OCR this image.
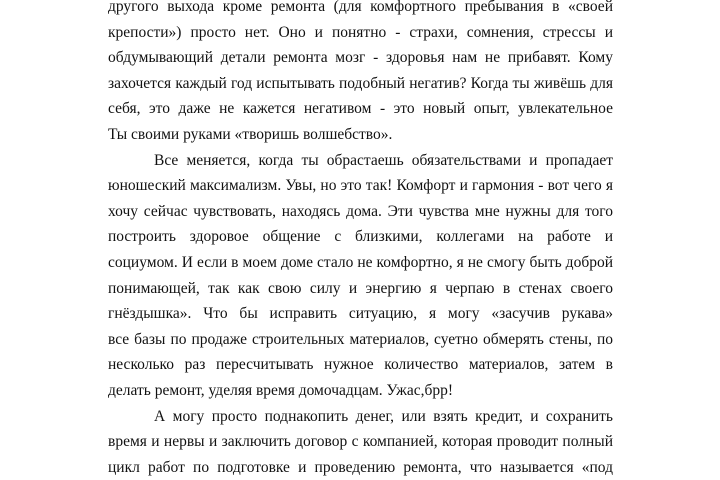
другого выхода кроме ремонта (для комфортного пребывания в «своей
крепости») просто нет. Оно и понятно - страхи, сомнения, стрессы и
обдумывающий детали ремонта мозг - здоровья нам не прибавят. Кому
захочется каждый год испытывать подобный негатив? Когда ты живёшь для
себя, это даже не кажется негативом - это новый опыт, увлекательное
Ты своими руками «творишь волшебство».
Все меняется, когда ты обрастаешь обязательствами и пропадает
юношеский максимализм. Увы, но это так! Комфорт и гармония - вот чего я
хочу сейчас чувствовать, находясь дома. Эти чувства мне нужны для того
построить здоровое общение с близкими, коллегами на работе и
социумом. И если в моем доме стало не комфортно, я не смогу быть доброй
понимающей, так как свою силу и энергию я черпаю в стенах своего
гнёздышка». Что бы исправить ситуацию, я могу «засучив рукава»
все базы по продаже строительных материалов, суетно обмерять стены, по
несколько раз пересчитывать нужное количество материалов, затем в
делать ремонт, уделяя время домочадцам. Ужас,брр!
А могу просто поднакопить денег, или взять кредит, и сохранить
время и нервы и заключить договор с компанией, которая проводит полный
цикл работ по подготовке и проведению ремонта, что называется «под
